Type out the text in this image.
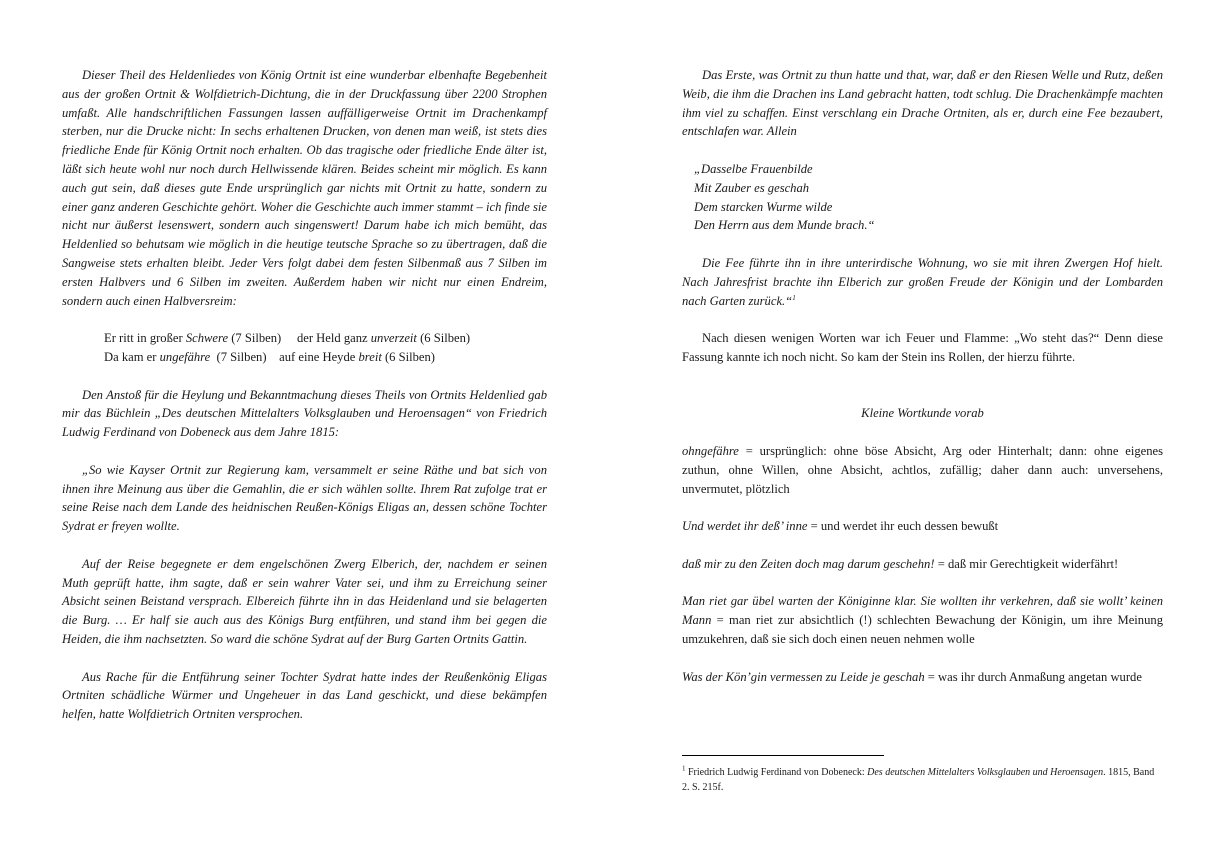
Dieser Theil des Heldenliedes von König Ortnit ist eine wunderbar elbenhafte Begebenheit aus der großen Ortnit & Wolfdietrich-Dichtung, die in der Druckfassung über 2200 Strophen umfaßt. Alle handschriftlichen Fassungen lassen auffälligerweise Ortnit im Drachenkampf sterben, nur die Drucke nicht: In sechs erhaltenen Drucken, von denen man weiß, ist stets dies friedliche Ende für König Ortnit noch erhalten. Ob das tragische oder friedliche Ende älter ist, läßt sich heute wohl nur noch durch Hellwissende klären. Beides scheint mir möglich. Es kann auch gut sein, daß dieses gute Ende ursprünglich gar nichts mit Ortnit zu hatte, sondern zu einer ganz anderen Geschichte gehört. Woher die Geschichte auch immer stammt – ich finde sie nicht nur äußerst lesenswert, sondern auch singenswert! Darum habe ich mich bemüht, das Heldenlied so behutsam wie möglich in die heutige teutsche Sprache so zu übertragen, daß die Sangweise stets erhalten bleibt. Jeder Vers folgt dabei dem festen Silbenmaß aus 7 Silben im ersten Halbvers und 6 Silben im zweiten. Außerdem haben wir nicht nur einen Endreim, sondern auch einen Halbversreim:

Er ritt in großer Schwere (7 Silben)     der Held ganz unverzeit (6 Silben)

Da kam er ungefähre  (7 Silben)    auf eine Heyde breit (6 Silben)

Den Anstoß für die Heylung und Bekanntmachung dieses Theils von Ortnits Heldenlied gab mir das Büchlein „Des deutschen Mittelalters Volksglauben und Heroensagen“ von Friedrich Ludwig Ferdinand von Dobeneck aus dem Jahre 1815:

„So wie Kayser Ortnit zur Regierung kam, versammelt er seine Räthe und bat sich von ihnen ihre Meinung aus über die Gemahlin, die er sich wählen sollte. Ihrem Rat zufolge trat er seine Reise nach dem Lande des heidnischen Reußen-Königs Eligas an, dessen schöne Tochter Sydrat er freyen wollte.

Auf der Reise begegnete er dem engelschönen Zwerg Elberich, der, nachdem er seinen Muth geprüft hatte, ihm sagte, daß er sein wahrer Vater sei, und ihm zu Erreichung seiner Absicht seinen Beistand versprach. Elbereich führte ihn in das Heidenland und sie belagerten die Burg. … Er half sie auch aus des Königs Burg entführen, und stand ihm bei gegen die Heiden, die ihm nachsetzten. So ward die schöne Sydrat auf der Burg Garten Ortnits Gattin.

Aus Rache für die Entführung seiner Tochter Sydrat hatte indes der Reußenkönig Eligas Ortniten schädliche Würmer und Ungeheuer in das Land geschickt, und diese bekämpfen helfen, hatte Wolfdietrich Ortniten versprochen.

Das Erste, was Ortnit zu thun hatte und that, war, daß er den Riesen Welle und Rutz, deßen Weib, die ihm die Drachen ins Land gebracht hatten, todt schlug. Die Drachenkämpfe machten ihm viel zu schaffen. Einst verschlang ein Drache Ortniten, als er, durch eine Fee bezaubert, entschlafen war. Allein

„Dasselbe Frauenbilde

Mit Zauber es geschah

Dem starcken Wurme wilde

Den Herrn aus dem Munde brach.“

Die Fee führte ihn in ihre unterirdische Wohnung, wo sie mit ihren Zwergen Hof hielt. Nach Jahresfrist brachte ihn Elberich zur großen Freude der Königin und der Lombarden nach Garten zurück.“$^1$

Nach diesen wenigen Worten war ich Feuer und Flamme: „Wo steht das?“ Denn diese Fassung kannte ich noch nicht. So kam der Stein ins Rollen, der hierzu führte.

Kleine Wortkunde vorab

ohngefähre = ursprünglich: ohne böse Absicht, Arg oder Hinterhalt; dann: ohne eigenes zuthun, ohne Willen, ohne Absicht, achtlos, zufällig; daher dann auch: unversehens, unvermutet, plötzlich

Und werdet ihr deß’ inne = und werdet ihr euch dessen bewußt

daß mir zu den Zeiten doch mag darum geschehn! = daß mir Gerechtigkeit widerfährt!

Man riet gar übel warten der Königinne klar. Sie wollten ihr verkehren, daß sie wollt’ keinen Mann = man riet zur absichtlich (!) schlechten Bewachung der Königin, um ihre Meinung umzukehren, daß sie sich doch einen neuen nehmen wolle

Was der Kön’gin vermessen zu Leide je geschah = was ihr durch Anmaßung angetan wurde

$^1$ Friedrich Ludwig Ferdinand von Dobeneck: Des deutschen Mittelalters Volksglauben und Heroensagen. 1815, Band 2. S. 215f.
